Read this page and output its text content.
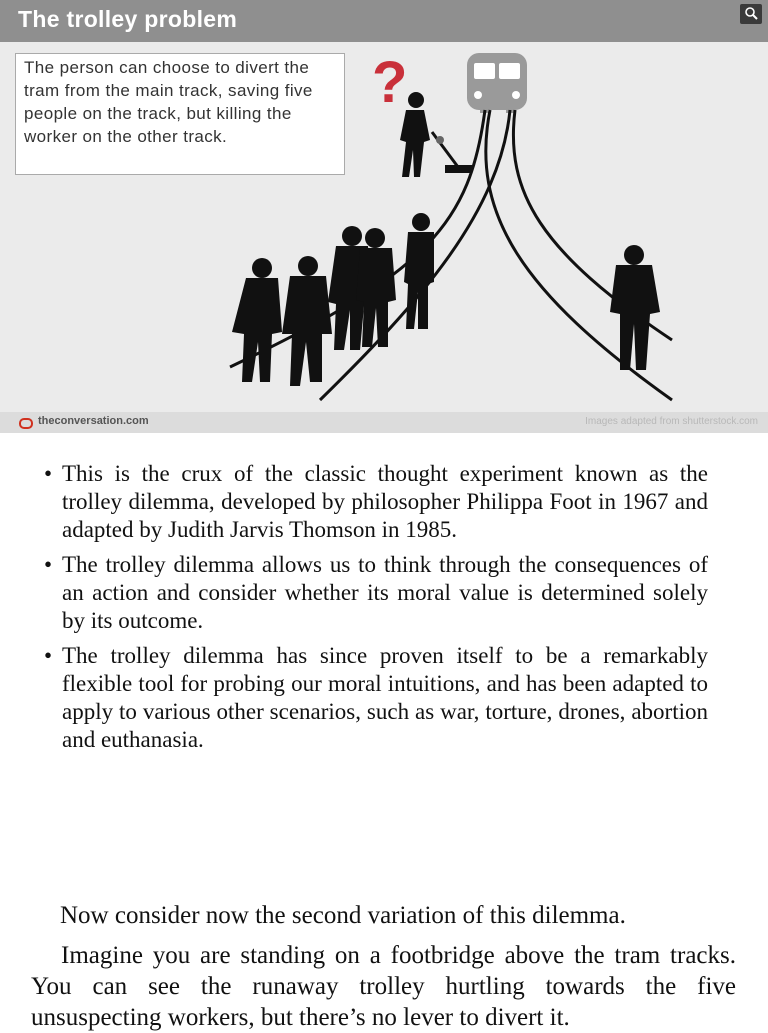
The trolley problem
The person can choose to divert the tram from the main track, saving five people on the track, but killing the worker on the other track.
?
theconversation.com	Images adapted from shutterstock.com
• This is the crux of the classic thought experiment known as the trolley dilemma, developed by philosopher Philippa Foot in 1967 and adapted by Judith Jarvis Thomson in 1985.
• The trolley dilemma allows us to think through the consequences of an action and consider whether its moral value is determined solely by its outcome.
• The trolley dilemma has since proven itself to be a remarkably flexible tool for probing our moral intuitions, and has been adapted to apply to various other scenarios, such as war, torture, drones, abortion and euthanasia.
Now consider now the second variation of this dilemma.
Imagine you are standing on a footbridge above the tram tracks. You can see the runaway trolley hurtling towards the five unsuspecting workers, but there’s no lever to divert it.
